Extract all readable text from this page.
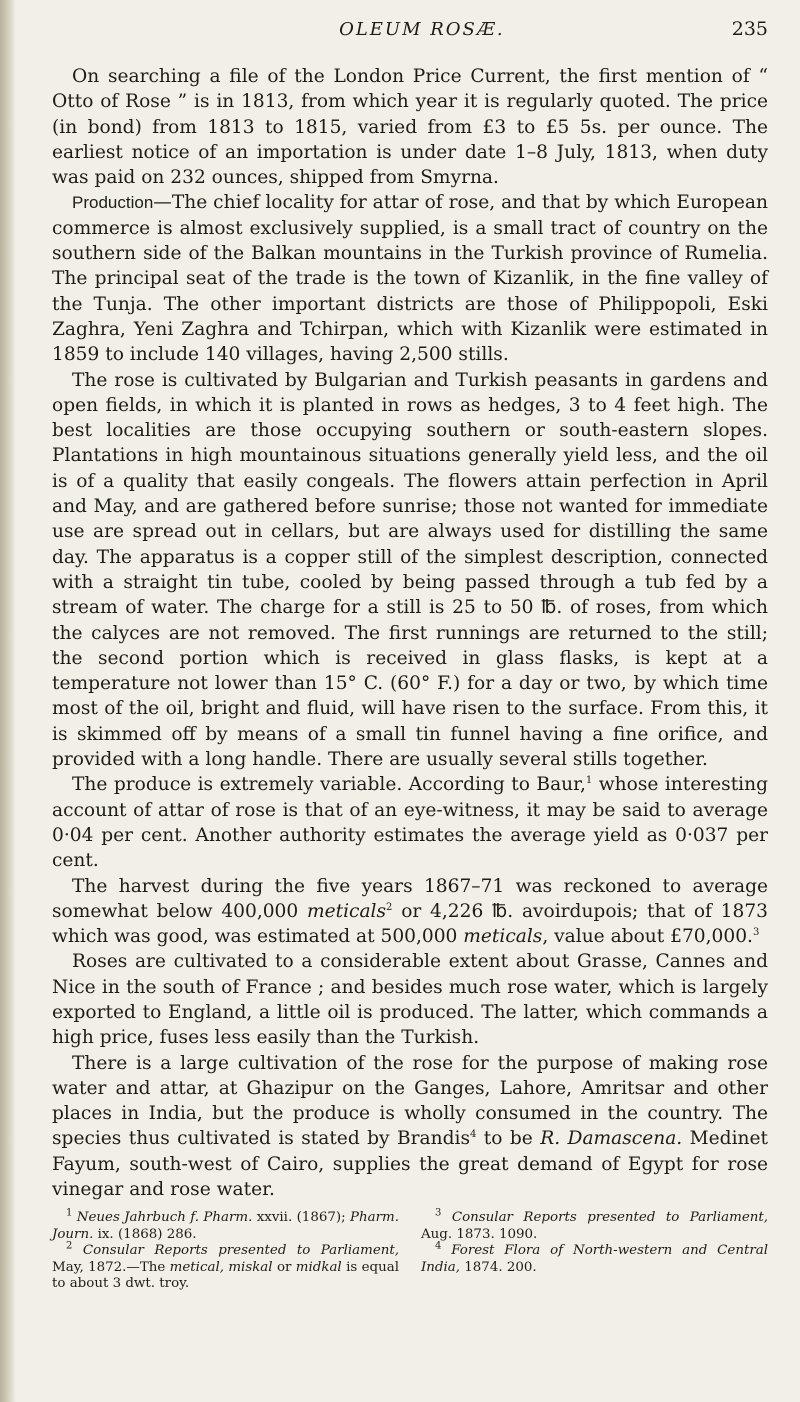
OLEUM ROSÆ.	235

On searching a file of the London Price Current, the first mention of “ Otto of Rose ” is in 1813, from which year it is regularly quoted. The price (in bond) from 1813 to 1815, varied from £3 to £5 5s. per ounce. The earliest notice of an importation is under date 1–8 July, 1813, when duty was paid on 232 ounces, shipped from Smyrna.

Production—The chief locality for attar of rose, and that by which European commerce is almost exclusively supplied, is a small tract of country on the southern side of the Balkan mountains in the Turkish province of Rumelia. The principal seat of the trade is the town of Kizanlik, in the fine valley of the Tunja. The other important districts are those of Philippopoli, Eski Zaghra, Yeni Zaghra and Tchirpan, which with Kizanlik were estimated in 1859 to include 140 villages, having 2,500 stills.

The rose is cultivated by Bulgarian and Turkish peasants in gardens and open fields, in which it is planted in rows as hedges, 3 to 4 feet high. The best localities are those occupying southern or south-eastern slopes. Plantations in high mountainous situations generally yield less, and the oil is of a quality that easily congeals. The flowers attain perfection in April and May, and are gathered before sunrise; those not wanted for immediate use are spread out in cellars, but are always used for distilling the same day. The apparatus is a copper still of the simplest description, connected with a straight tin tube, cooled by being passed through a tub fed by a stream of water. The charge for a still is 25 to 50 ℔. of roses, from which the calyces are not removed. The first runnings are returned to the still; the second portion which is received in glass flasks, is kept at a temperature not lower than 15° C. (60° F.) for a day or two, by which time most of the oil, bright and fluid, will have risen to the surface. From this, it is skimmed off by means of a small tin funnel having a fine orifice, and provided with a long handle. There are usually several stills together.

The produce is extremely variable. According to Baur,$^1$ whose interesting account of attar of rose is that of an eye-witness, it may be said to average 0·04 per cent. Another authority estimates the average yield as 0·037 per cent.

The harvest during the five years 1867–71 was reckoned to average somewhat below 400,000 meticals$^2$ or 4,226 ℔. avoirdupois; that of 1873 which was good, was estimated at 500,000 meticals, value about £70,000.$^3$

Roses are cultivated to a considerable extent about Grasse, Cannes and Nice in the south of France ; and besides much rose water, which is largely exported to England, a little oil is produced. The latter, which commands a high price, fuses less easily than the Turkish.

There is a large cultivation of the rose for the purpose of making rose water and attar, at Ghazipur on the Ganges, Lahore, Amritsar and other places in India, but the produce is wholly consumed in the country. The species thus cultivated is stated by Brandis$^4$ to be R. Damascena. Medinet Fayum, south-west of Cairo, supplies the great demand of Egypt for rose vinegar and rose water.

$^1$ Neues Jahrbuch f. Pharm. xxvii. (1867); Pharm. Journ. ix. (1868) 286.

$^2$ Consular Reports presented to Parliament, May, 1872.—The metical, miskal or midkal is equal to about 3 dwt. troy.

$^3$ Consular Reports presented to Parliament, Aug. 1873. 1090.

$^4$ Forest Flora of North-western and Central India, 1874. 200.
